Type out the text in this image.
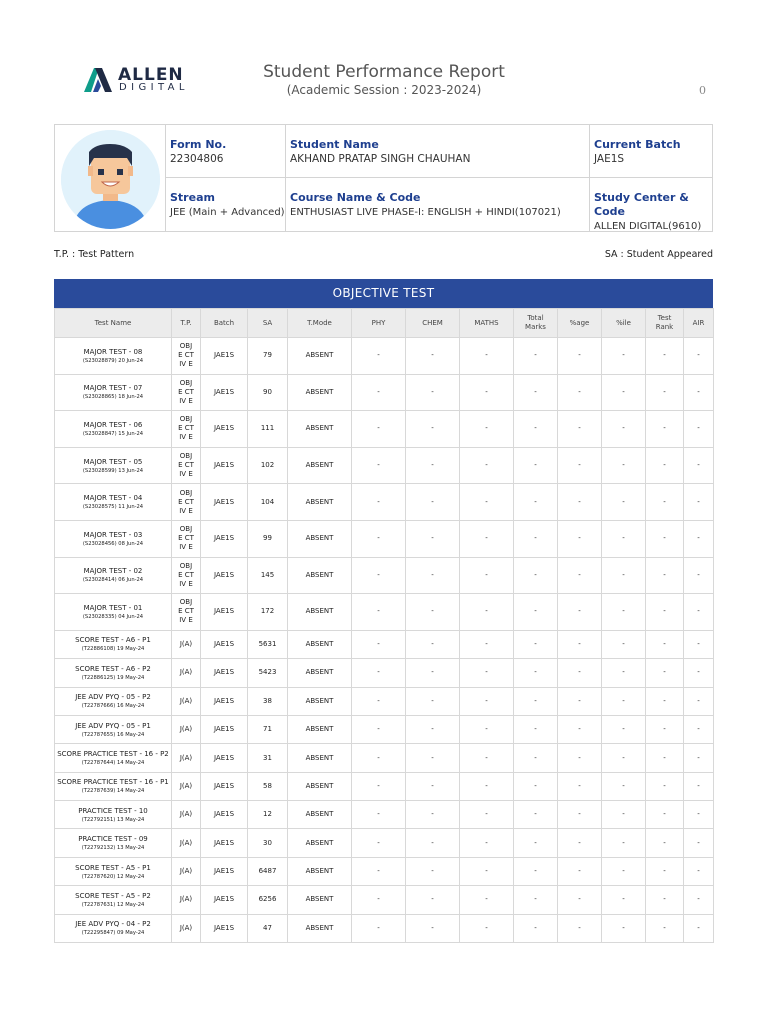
ALLEN
DIGITAL
Student Performance Report
(Academic Session : 2023-2024)	0
Form No.
22304806
Student Name
AKHAND PRATAP SINGH CHAUHAN
Current Batch
JAE1S
Stream
JEE (Main + Advanced)
Course Name & Code
ENTHUSIAST LIVE PHASE-I: ENGLISH + HINDI(107021)
Study Center & Code
ALLEN DIGITAL(9610)
T.P. : Test Pattern	SA : Student Appeared
OBJECTIVE TEST
Test Name	T.P.	Batch	SA	T.Mode	PHY	CHEM	MATHS	Total Marks	%age	%ile	Test Rank	AIR
MAJOR TEST - 08
(S23028879) 20 Jun-24	OBJE CTIV E	JAE1S	79	ABSENT	-	-	-	-	-	-	-	-
MAJOR TEST - 07
(S23028865) 18 Jun-24	OBJE CTIV E	JAE1S	90	ABSENT	-	-	-	-	-	-	-	-
MAJOR TEST - 06
(S23028847) 15 Jun-24	OBJE CTIV E	JAE1S	111	ABSENT	-	-	-	-	-	-	-	-
MAJOR TEST - 05
(S23028599) 13 Jun-24	OBJE CTIV E	JAE1S	102	ABSENT	-	-	-	-	-	-	-	-
MAJOR TEST - 04
(S23028575) 11 Jun-24	OBJE CTIV E	JAE1S	104	ABSENT	-	-	-	-	-	-	-	-
MAJOR TEST - 03
(S23028456) 08 Jun-24	OBJE CTIV E	JAE1S	99	ABSENT	-	-	-	-	-	-	-	-
MAJOR TEST - 02
(S23028414) 06 Jun-24	OBJE CTIV E	JAE1S	145	ABSENT	-	-	-	-	-	-	-	-
MAJOR TEST - 01
(S23028335) 04 Jun-24	OBJE CTIV E	JAE1S	172	ABSENT	-	-	-	-	-	-	-	-
SCORE TEST - A6 - P1
(T22886108) 19 May-24	J(A)	JAE1S	5631	ABSENT	-	-	-	-	-	-	-	-
SCORE TEST - A6 - P2
(T22886125) 19 May-24	J(A)	JAE1S	5423	ABSENT	-	-	-	-	-	-	-	-
JEE ADV PYQ - 05 - P2
(T22787666) 16 May-24	J(A)	JAE1S	38	ABSENT	-	-	-	-	-	-	-	-
JEE ADV PYQ - 05 - P1
(T22787655) 16 May-24	J(A)	JAE1S	71	ABSENT	-	-	-	-	-	-	-	-
SCORE PRACTICE TEST - 16 - P2
(T22787644) 14 May-24	J(A)	JAE1S	31	ABSENT	-	-	-	-	-	-	-	-
SCORE PRACTICE TEST - 16 - P1
(T22787639) 14 May-24	J(A)	JAE1S	58	ABSENT	-	-	-	-	-	-	-	-
PRACTICE TEST - 10
(T22792151) 13 May-24	J(A)	JAE1S	12	ABSENT	-	-	-	-	-	-	-	-
PRACTICE TEST - 09
(T22792132) 13 May-24	J(A)	JAE1S	30	ABSENT	-	-	-	-	-	-	-	-
SCORE TEST - A5 - P1
(T22787620) 12 May-24	J(A)	JAE1S	6487	ABSENT	-	-	-	-	-	-	-	-
SCORE TEST - A5 - P2
(T22787631) 12 May-24	J(A)	JAE1S	6256	ABSENT	-	-	-	-	-	-	-	-
JEE ADV PYQ - 04 - P2
(T22295847) 09 May-24	J(A)	JAE1S	47	ABSENT	-	-	-	-	-	-	-	-
